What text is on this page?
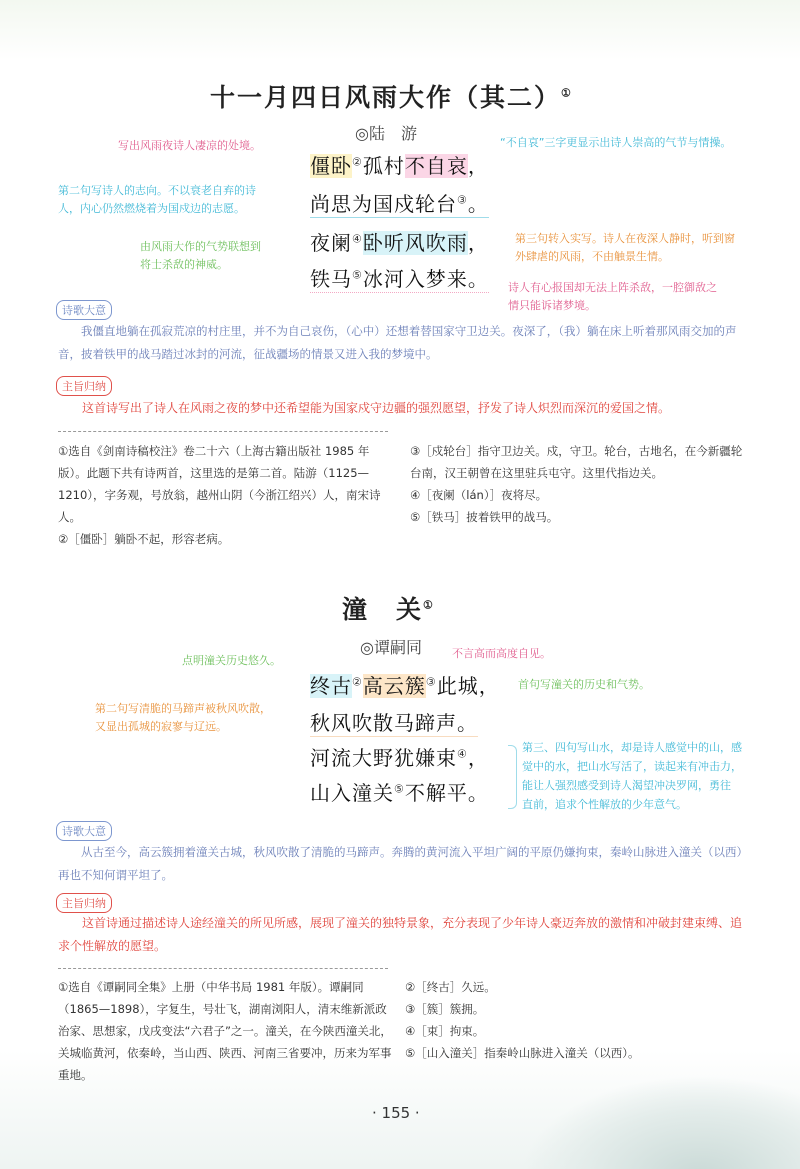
十一月四日风雨大作（其二）①
◎陆　游
僵卧②孤村不自哀，
尚思为国戍轮台③。
夜阑④卧听风吹雨，
铁马⑤冰河入梦来。
写出风雨夜诗人凄凉的处境。	“不自哀”三字更显示出诗人崇高的气节与情操。
第二句写诗人的志向。不以衰老自弃的诗
人，内心仍然燃烧着为国戍边的志愿。
由风雨大作的气势联想到
将士杀敌的神威。
第三句转入实写。诗人在夜深人静时，听到窗
外肆虐的风雨，不由触景生情。
诗人有心报国却无法上阵杀敌，一腔御敌之
情只能诉诸梦境。
诗歌大意
我僵直地躺在孤寂荒凉的村庄里，并不为自己哀伤，（心中）还想着替国家守卫边关。夜深了，（我）躺在床上听着那风雨交加的声音，披着铁甲的战马踏过冰封的河流，征战疆场的情景又进入我的梦境中。
主旨归纳
这首诗写出了诗人在风雨之夜的梦中还希望能为国家戍守边疆的强烈愿望，抒发了诗人炽烈而深沉的爱国之情。
①选自《剑南诗稿校注》卷二十六（上海古籍出版社 1985 年版）。此题下共有诗两首，这里选的是第二首。陆游（1125—1210），字务观，号放翁，越州山阴（今浙江绍兴）人，南宋诗人。
②［僵卧］躺卧不起，形容老病。
③［戍轮台］指守卫边关。戍，守卫。轮台，古地名，在今新疆轮台南，汉王朝曾在这里驻兵屯守。这里代指边关。
④［夜阑（lán）］夜将尽。
⑤［铁马］披着铁甲的战马。
潼　关①
◎谭嗣同
终古②高云簇③此城，
秋风吹散马蹄声。
河流大野犹嫌束④，
山入潼关⑤不解平。
点明潼关历史悠久。
不言高而高度自见。
首句写潼关的历史和气势。
第二句写清脆的马蹄声被秋风吹散，
又显出孤城的寂寥与辽远。
第三、四句写山水，却是诗人感觉中的山，感
觉中的水，把山水写活了，读起来有冲击力，
能让人强烈感受到诗人渴望冲决罗网，勇往
直前，追求个性解放的少年意气。
诗歌大意
从古至今，高云簇拥着潼关古城，秋风吹散了清脆的马蹄声。奔腾的黄河流入平坦广阔的平原仍嫌拘束，秦岭山脉进入潼关（以西）再也不知何谓平坦了。
主旨归纳
这首诗通过描述诗人途经潼关的所见所感，展现了潼关的独特景象，充分表现了少年诗人豪迈奔放的激情和冲破封建束缚、追求个性解放的愿望。
①选自《谭嗣同全集》上册（中华书局 1981 年版）。谭嗣同（1865—1898），字复生，号壮飞，湖南浏阳人，清末维新派政治家、思想家，戊戌变法“六君子”之一。潼关，在今陕西潼关北，关城临黄河，依秦岭，当山西、陕西、河南三省要冲，历来为军事重地。
②［终古］久远。
③［簇］簇拥。
④［束］拘束。
⑤［山入潼关］指秦岭山脉进入潼关（以西）。
· 155 ·
